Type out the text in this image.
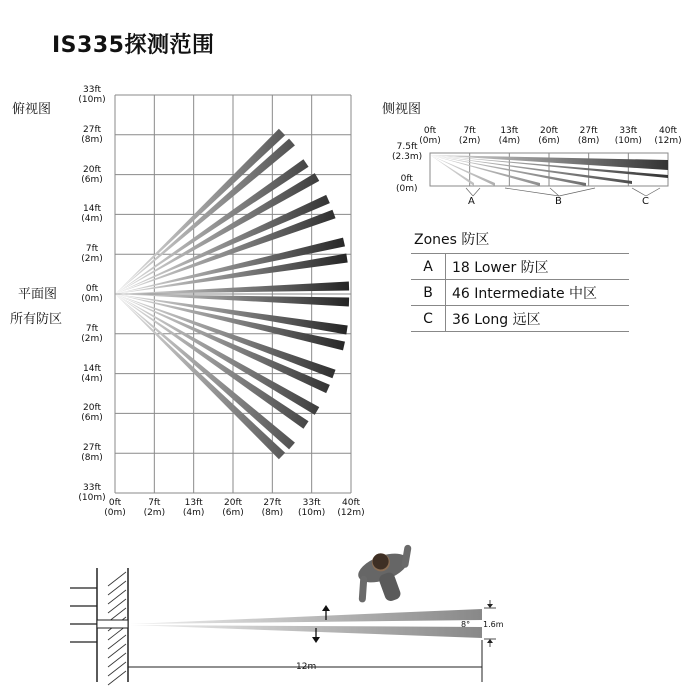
IS335探测范围
俯视图
平面图
所有防区
侧视图
33ft
(10m)
27ft
(8m)
20ft
(6m)
14ft
(4m)
7ft
(2m)
0ft
(0m)
7ft
(2m)
14ft
(4m)
20ft
(6m)
27ft
(8m)
33ft
(10m) 0ft
(0m)
7ft
(2m)
13ft
(4m)
20ft
(6m)
27ft
(8m)
33ft
(10m)
40ft
(12m)
0ft
(0m)
7ft
(2m)
13ft
(4m)
20ft
(6m)
27ft
(8m)
33ft
(10m)
40ft
(12m)
7.5ft
(2.3m)
0ft
(0m)
A	B	C
Zones 防区
A	18 Lower 防区
B	46 Intermediate 中区
C	36 Long 远区
8° 1.6m
12m
